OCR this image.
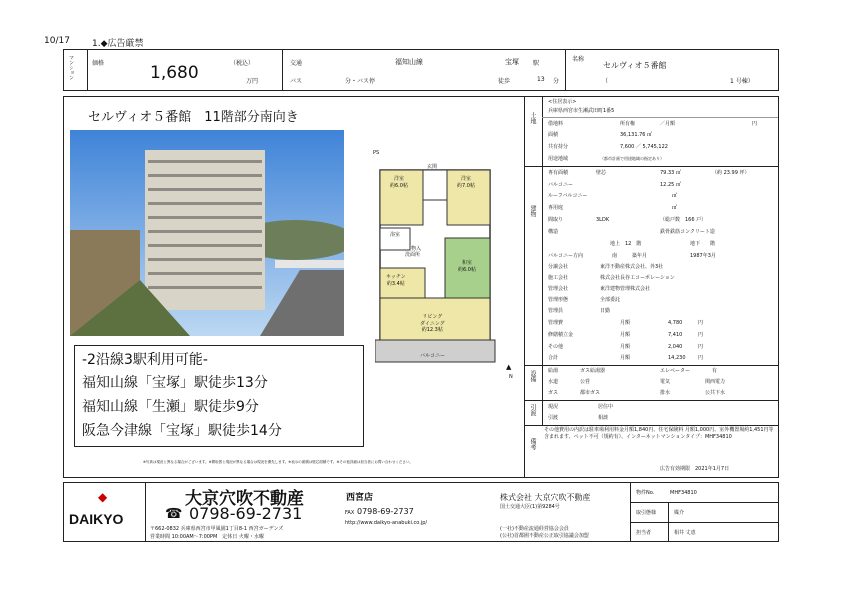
10/17 1.◆広告厳禁
マンション	価格	1,680	（税込）
万円
交通	福知山線	宝塚 駅
バス	分・バス停	徒歩	13 分
名称
セルヴィオ５番館
（	1 号棟）
セルヴィオ５番館　11階部分南向き
洋室
約6.0帖
洋室
約7.0帖
和室
約6.0帖
キッチン
約3.4帖
リビング
ダイニング
約12.3帖
バルコニー
浴室
洗面所
玄関
PS
物入
▲
N
-2沿線3駅利用可能-
福知山線「宝塚」駅徒歩13分
福知山線「生瀬」駅徒歩9分
阪急今津線「宝塚」駅徒歩14分
土地
<住居表示>
兵庫県西宮市生瀬武田町1番5
借地料	所有権	／月額	円
面積	36,131.76 ㎡
共有持分	7,600 ／ 5,745,122
用途地域	（都市計画で用途地域の指定あり）
建物
専有面積	壁芯	79.33 ㎡	（約 23.99 坪）
バルコニー	12.25 ㎡
ルーフバルコニー	㎡
専用庭	㎡
間取り	3LDK	（総戸数　166 戸）
構造	鉄骨鉄筋コンクリート造
地上　12　階	地下　　階
バルコニー方向	南	築年月	1987年3月
分譲会社	東洋不動産株式会社、外3社
施工会社	株式会社長谷工コーポレーション
管理会社	東洋建物管理株式会社
管理形態	全部委託
管理員	日勤
管理費	月額	4,780	円
修繕積立金	月額	7,410	円
その他	月額	2,040	円
合計	月額	14,230	円
設備 給湯	ガス給湯器	エレベーター	有
水道	公営	電気	関西電力
ガス	都市ガス	排水	公共下水
引渡 現況	居住中
引渡	相談
備考
その他費用の内訳は駐車場利用料金月額1,840円、住宅保険料 月額1,000円、室外機置場約1,451円等含まれます、ペット不可（規約有）、インターネットマンションタイプ：MHF34810
広告有効期限　2021年1月7日
※写真は現況と異なる場合がございます。※間取図と現況が異なる場合は現況を優先します。※表示の面積は壁芯面積です。※その他詳細は担当者にお問い合わせください。
DAIKYO
◆	大京穴吹不動産	西宮店
☎ 0798-69-2731	FAX 0798-69-2737
http://www.daikyo-anabuki.co.jp/
〒662-0832 兵庫県西宮市甲風園1丁目8-1 西宮ガーデンズ
営業時間 10:00AM〜7:00PM　定休日 火曜・水曜
株式会社 大京穴吹不動産
国土交通大臣(1)第9284号
(一社)不動産流通経営協会会員
(公社)首都圏不動産公正取引協議会加盟
物件No.	MHF34810
取引態様	媒介
担当者	相井 丈恵
